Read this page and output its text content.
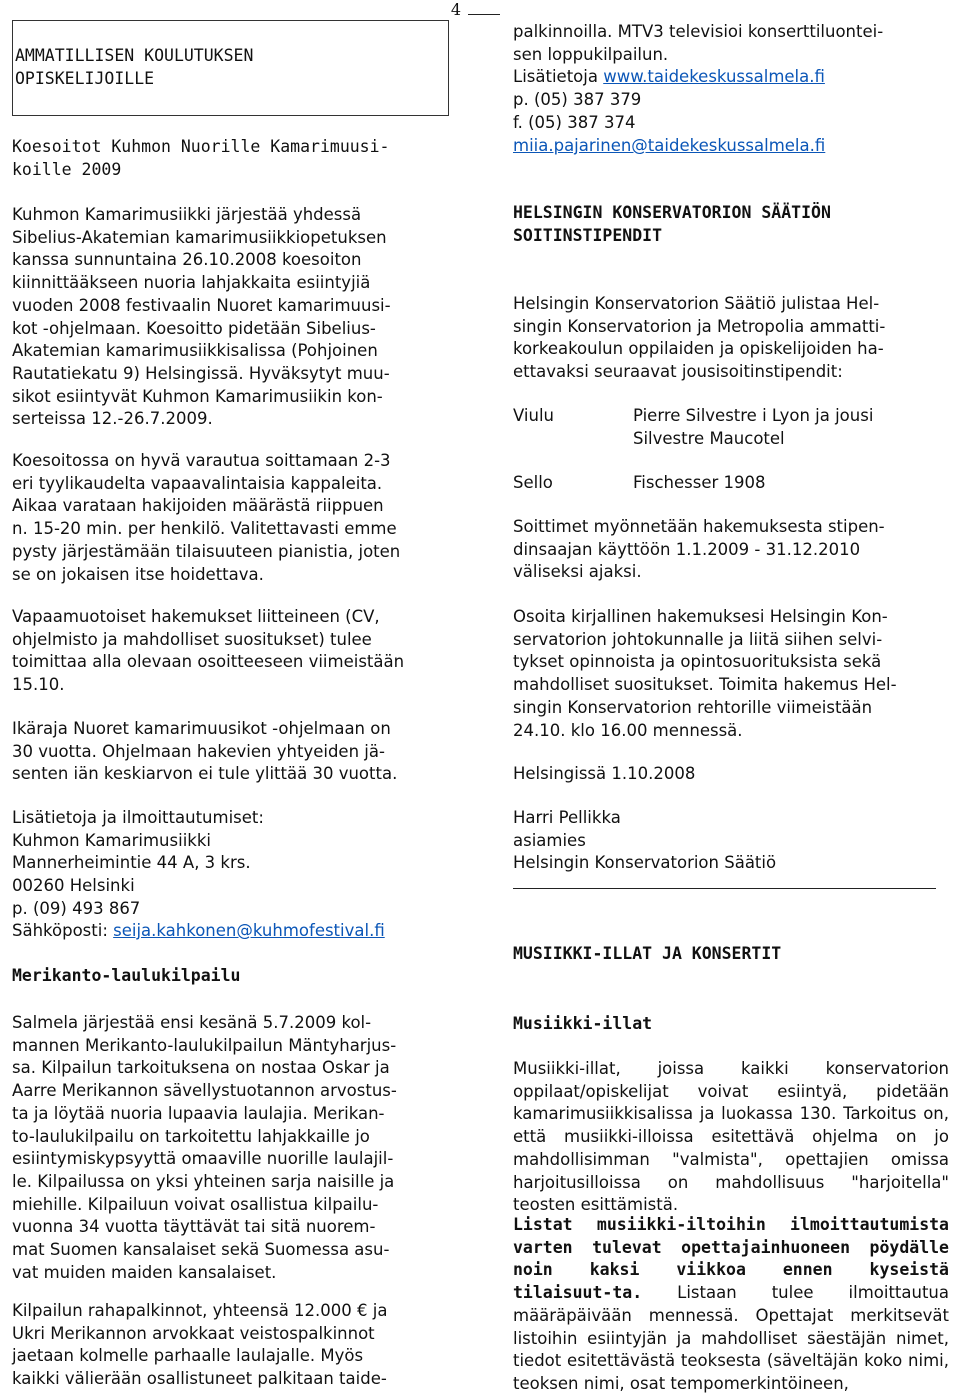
4

AMMATILLISEN KOULUTUKSEN
OPISKELIJOILLE

Koesoitot Kuhmon Nuorille Kamarimuusi-
koille 2009

Kuhmon Kamarimusiikki järjestää yhdessä
Sibelius-Akatemian kamarimusiikkiopetuksen
kanssa sunnuntaina 26.10.2008 koesoiton
kiinnittääkseen nuoria lahjakkaita esiintyjiä
vuoden 2008 festivaalin Nuoret kamarimuusi-
kot -ohjelmaan. Koesoitto pidetään Sibelius-
Akatemian kamarimusiikkisalissa (Pohjoinen
Rautatiekatu 9) Helsingissä. Hyväksytyt muu-
sikot esiintyvät Kuhmon Kamarimusiikin kon-
serteissa 12.-26.7.2009.

Koesoitossa on hyvä varautua soittamaan 2-3
eri tyylikaudelta vapaavalintaisia kappaleita.
Aikaa varataan hakijoiden määrästä riippuen
n. 15-20 min. per henkilö. Valitettavasti emme
pysty järjestämään tilaisuuteen pianistia, joten
se on jokaisen itse hoidettava.

Vapaamuotoiset hakemukset liitteineen (CV,
ohjelmisto ja mahdolliset suositukset) tulee
toimittaa alla olevaan osoitteeseen viimeistään
15.10.

Ikäraja Nuoret kamarimuusikot -ohjelmaan on
30 vuotta. Ohjelmaan hakevien yhtyeiden jä-
senten iän keskiarvon ei tule ylittää 30 vuotta.

Lisätietoja ja ilmoittautumiset:
Kuhmon Kamarimusiikki
Mannerheimintie 44 A, 3 krs.
00260 Helsinki
p. (09) 493 867

Sähköposti: seija.kahkonen@kuhmofestival.fi

Merikanto-laulukilpailu

Salmela järjestää ensi kesänä 5.7.2009 kol-
mannen Merikanto-laulukilpailun Mäntyharjus-
sa. Kilpailun tarkoituksena on nostaa Oskar ja
Aarre Merikannon sävellystuotannon arvostus-
ta ja löytää nuoria lupaavia laulajia. Merikan-
to-laulukilpailu on tarkoitettu lahjakkaille jo
esiintymiskypsyyttä omaaville nuorille laulajil-
le. Kilpailussa on yksi yhteinen sarja naisille ja
miehille. Kilpailuun voivat osallistua kilpailu-
vuonna 34 vuotta täyttävät tai sitä nuorem-
mat Suomen kansalaiset sekä Suomessa asu-
vat muiden maiden kansalaiset.

Kilpailun rahapalkinnot, yhteensä 12.000 € ja
Ukri Merikannon arvokkaat veistospalkinnot
jaetaan kolmelle parhaalle laulajalle. Myös
kaikki välierään osallistuneet palkitaan taide-

palkinnoilla. MTV3 televisioi konserttiluontei-
sen loppukilpailun.

Lisätietoja www.taidekeskussalmela.fi

p. (05) 387 379

f. (05) 387 374

miia.pajarinen@taidekeskussalmela.fi

HELSINGIN KONSERVATORION SÄÄTIÖN
SOITINSTIPENDIT

Helsingin Konservatorion Säätiö julistaa Hel-
singin Konservatorion ja Metropolia ammatti-
korkeakoulun oppilaiden ja opiskelijoiden ha-
ettavaksi seuraavat jousisoitinstipendit:

Viulu	Pierre Silvestre i Lyon ja jousi
Silvestre Maucotel

Sello	Fischesser 1908

Soittimet myönnetään hakemuksesta stipen-
dinsaajan käyttöön 1.1.2009 - 31.12.2010
väliseksi ajaksi.

Osoita kirjallinen hakemuksesi Helsingin Kon-
servatorion johtokunnalle ja liitä siihen selvi-
tykset opinnoista ja opintosuorituksista sekä
mahdolliset suositukset. Toimita hakemus Hel-
singin Konservatorion rehtorille viimeistään
24.10. klo 16.00 mennessä.

Helsingissä 1.10.2008

Harri Pellikka
asiamies
Helsingin Konservatorion Säätiö

MUSIIKKI-ILLAT JA KONSERTIT

Musiikki-illat

Musiikki-illat, joissa kaikki konservatorion oppilaat/opiskelijat voivat esiintyä, pidetään kamarimusiikkisalissa ja luokassa 130. Tarkoitus on, että musiikki-illoissa esitettävä ohjelma on jo mahdollisimman "valmista", opettajien omissa harjoitusilloissa on mahdollisuus "harjoitella" teosten esittämistä.

Listat musiikki-iltoihin ilmoittautumista varten tulevat opettajainhuoneen pöydälle noin kaksi viikkoa ennen kyseistä tilaisuut-ta. Listaan tulee ilmoittautua määräpäivään mennessä. Opettajat merkitsevät listoihin esiintyjän ja mahdolliset säestäjän nimet, tiedot esitettävästä teoksesta (säveltäjän koko nimi, teoksen nimi, osat tempomerkintöineen,
